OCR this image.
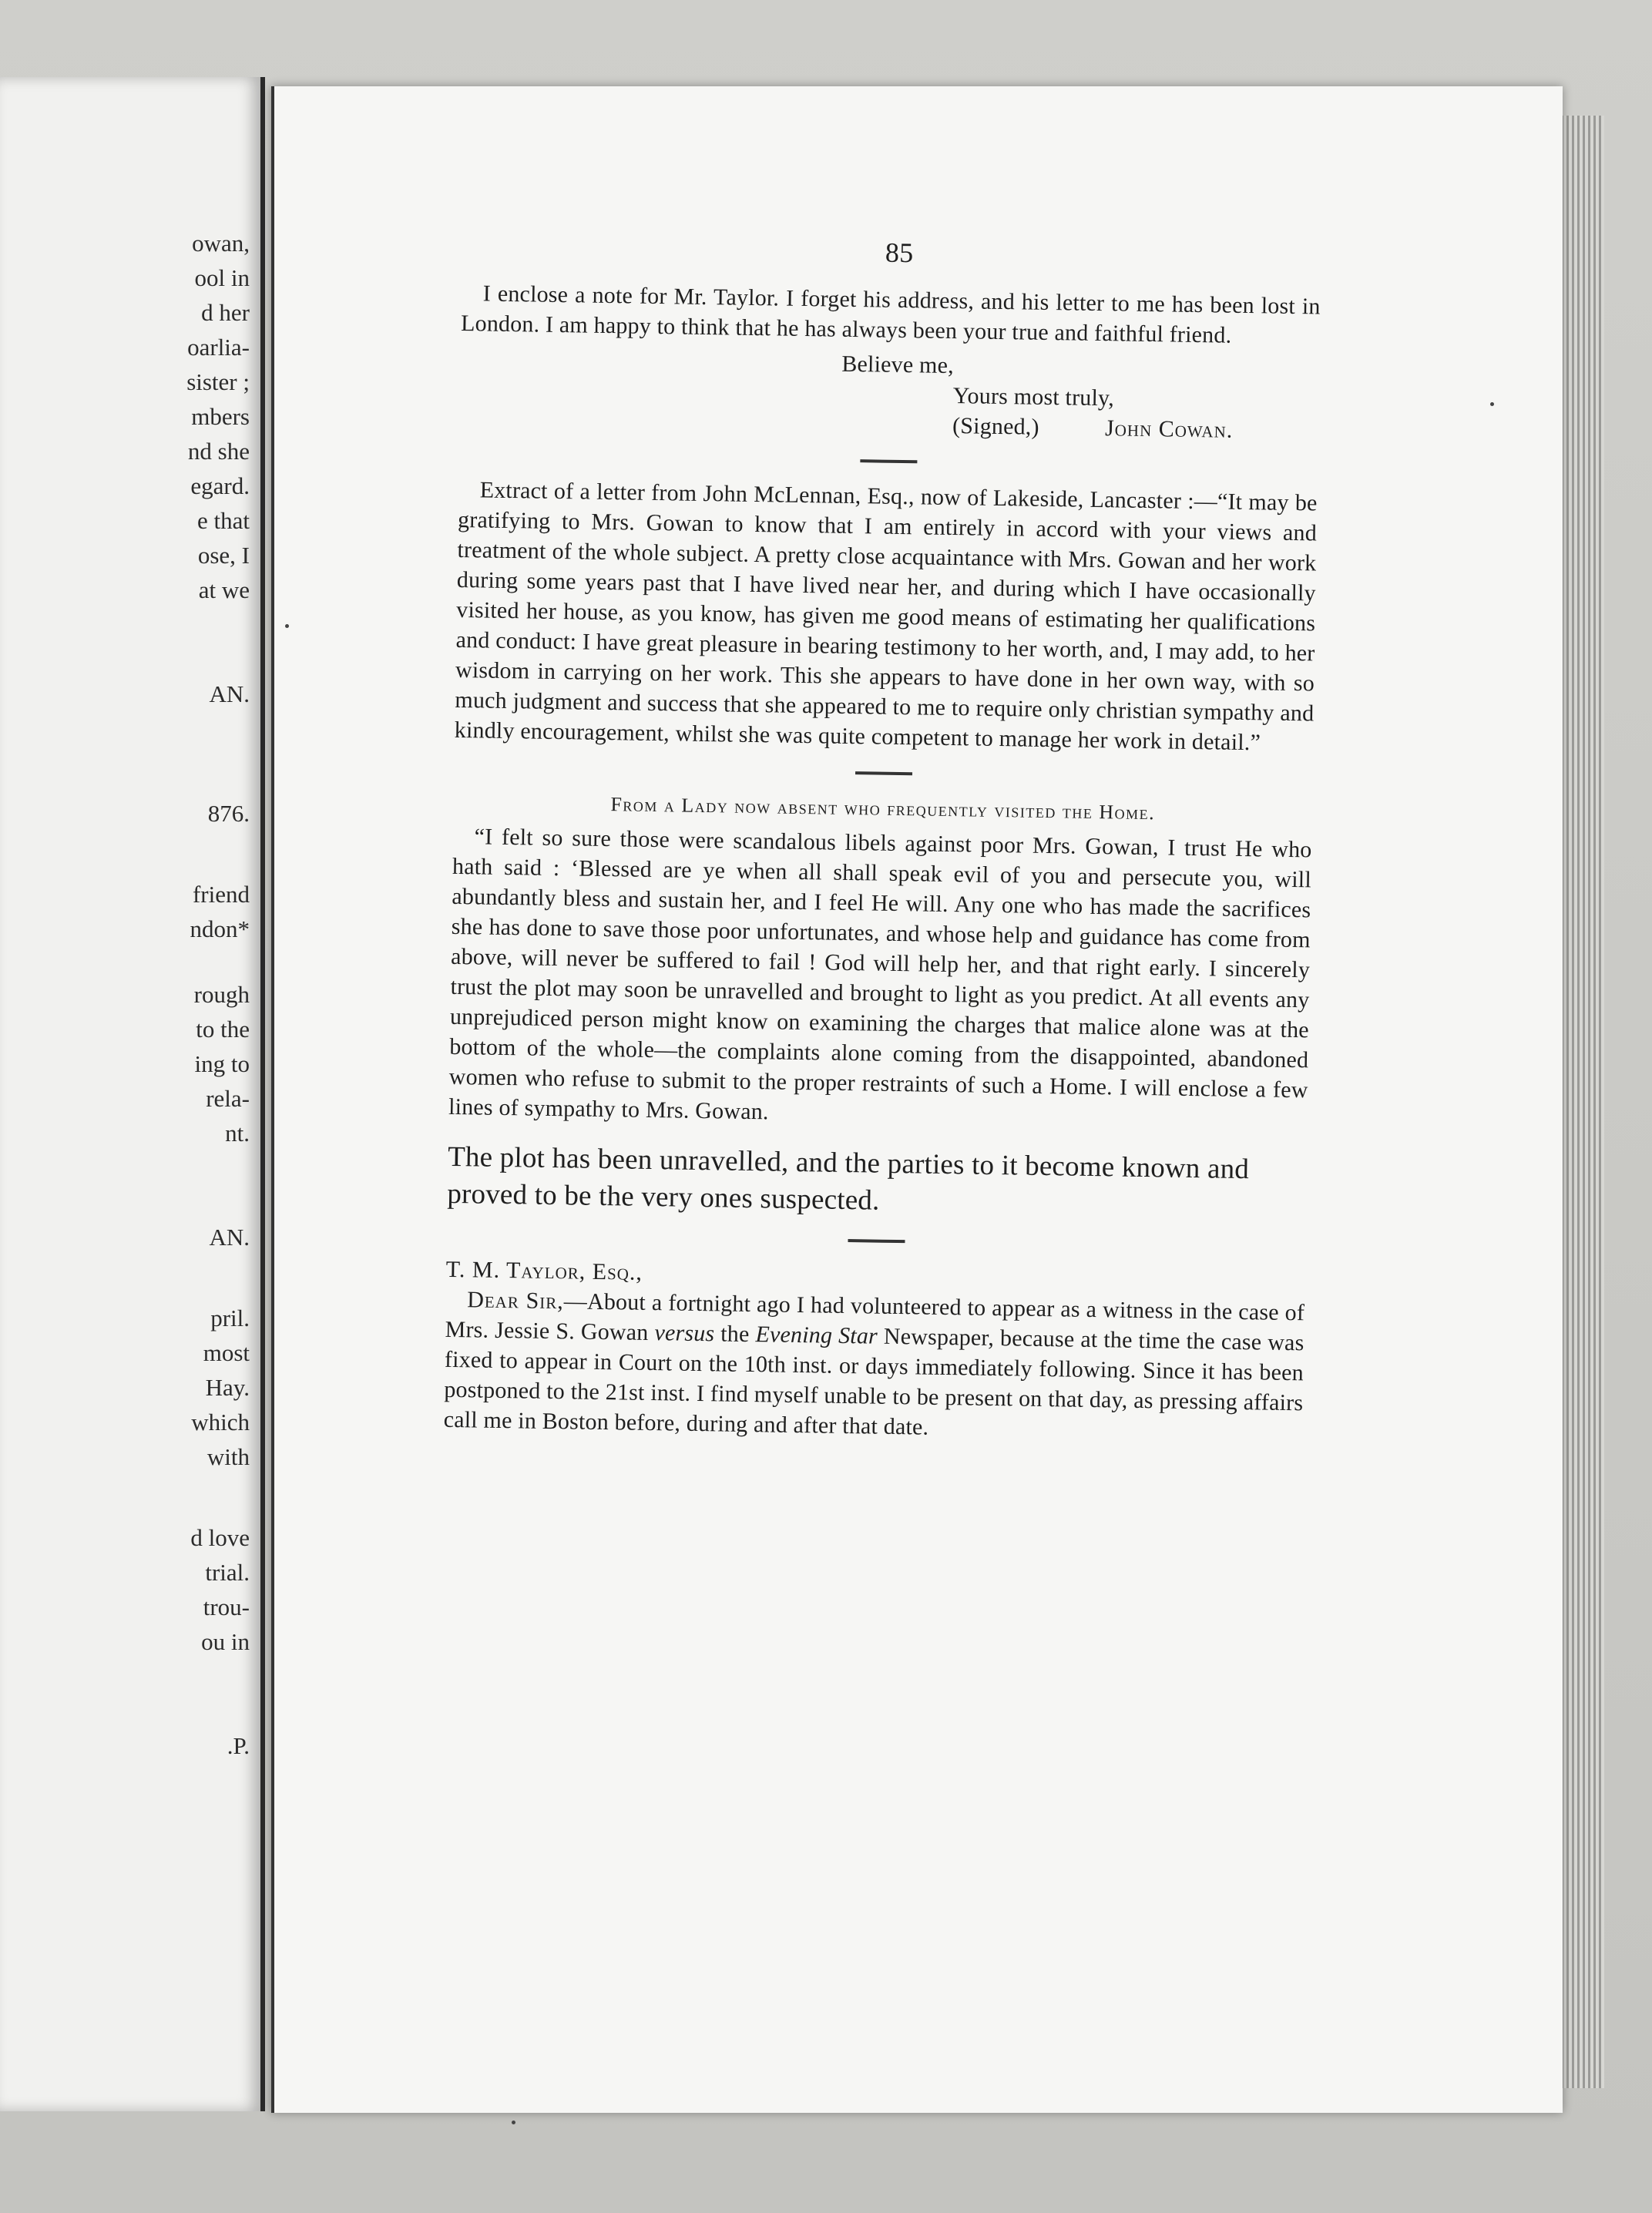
owan,
ool in
d her
oarlia-
sister ;
mbers
nd she
egard.
e that
ose, I
at we
AN.
876.
friend
ndon*
rough
to the
ing to
rela-
nt.
AN.
pril.
most
Hay.
which
with
d love
trial.
trou-
ou in
.P.
85

I enclose a note for Mr. Taylor. I forget his address, and his letter to me has been lost in London. I am happy to think that he has always been your true and faithful friend.

Believe me,
Yours most truly,
(Signed,)	John Cowan.

Extract of a letter from John McLennan, Esq., now of Lakeside, Lancaster :—“It may be gratifying to Mrs. Gowan to know that I am entirely in accord with your views and treatment of the whole subject. A pretty close acquaintance with Mrs. Gowan and her work during some years past that I have lived near her, and during which I have occasionally visited her house, as you know, has given me good means of estimating her qualifications and conduct: I have great pleasure in bearing testimony to her worth, and, I may add, to her wisdom in carrying on her work. This she appears to have done in her own way, with so much judgment and success that she appeared to me to require only christian sympathy and kindly encouragement, whilst she was quite competent to manage her work in detail.”

From a Lady now absent who frequently visited the Home.

“I felt so sure those were scandalous libels against poor Mrs. Gowan, I trust He who hath said : ‘Blessed are ye when all shall speak evil of you and persecute you, will abundantly bless and sustain her, and I feel He will. Any one who has made the sacrifices she has done to save those poor unfortunates, and whose help and guidance has come from above, will never be suffered to fail ! God will help her, and that right early. I sincerely trust the plot may soon be unravelled and brought to light as you predict. At all events any unprejudiced person might know on examining the charges that malice alone was at the bottom of the whole—the complaints alone coming from the disappointed, abandoned women who refuse to submit to the proper restraints of such a Home. I will enclose a few lines of sympathy to Mrs. Gowan.

The plot has been unravelled, and the parties to it become known and proved to be the very ones suspected.

T. M. Taylor, Esq.,

Dear Sir,—About a fortnight ago I had volunteered to appear as a witness in the case of Mrs. Jessie S. Gowan versus the Evening Star Newspaper, because at the time the case was fixed to appear in Court on the 10th inst. or days immediately following. Since it has been postponed to the 21st inst. I find myself unable to be present on that day, as pressing affairs call me in Boston before, during and after that date.
